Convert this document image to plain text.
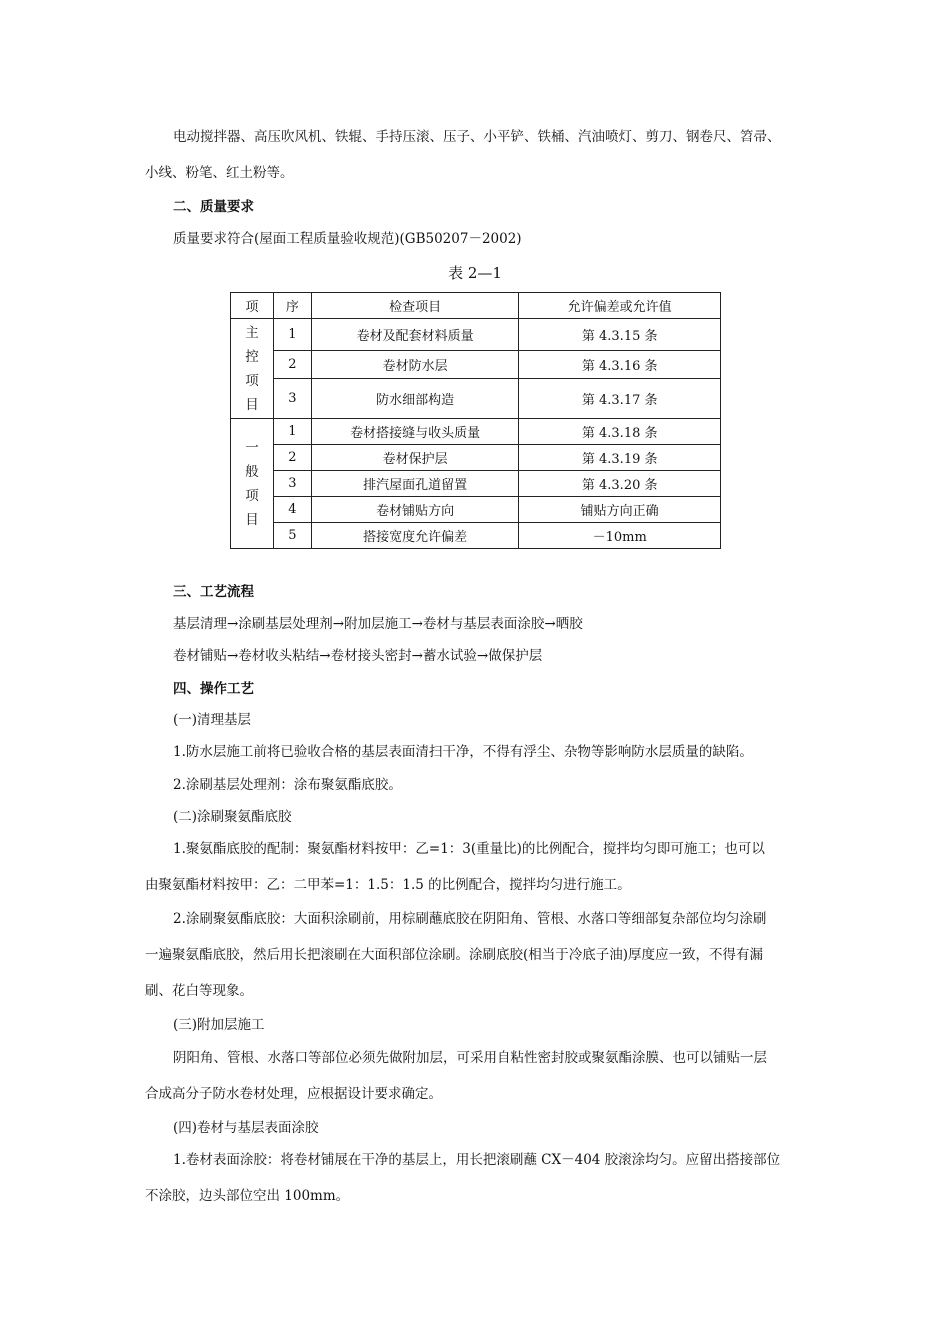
电动搅拌器、高压吹风机、铁辊、手持压滚、压子、小平铲、铁桶、汽油喷灯、剪刀、钢卷尺、笤帚、
小线、粉笔、红土粉等。
二、质量要求
质量要求符合(屋面工程质量验收规范)(GB50207－2002)
表 2—1
项	序	检查项目	允许偏差或允许值

主
控
项
目	1	卷材及配套材料质量	第 4.3.15 条
	2	卷材防水层	第 4.3.16 条
	3	防水细部构造	第 4.3.17 条

一
般
项
目	1	卷材搭接缝与收头质量	第 4.3.18 条
	2	卷材保护层	第 4.3.19 条
	3	排汽屋面孔道留置	第 4.3.20 条
	4	卷材铺贴方向	铺贴方向正确
	5	搭接宽度允许偏差	－10mm
三、工艺流程
基层清理→涂刷基层处理剂→附加层施工→卷材与基层表面涂胶→晒胶
卷材铺贴→卷材收头粘结→卷材接头密封→蓄水试验→做保护层
四、操作工艺
(一)清理基层
1.防水层施工前将已验收合格的基层表面清扫干净，不得有浮尘、杂物等影响防水层质量的缺陷。
2.涂刷基层处理剂：涂布聚氨酯底胶。
(二)涂刷聚氨酯底胶
1.聚氨酯底胶的配制：聚氨酯材料按甲：乙=1：3(重量比)的比例配合，搅拌均匀即可施工；也可以
由聚氨酯材料按甲：乙：二甲苯=1：1.5：1.5 的比例配合，搅拌均匀进行施工。
2.涂刷聚氨酯底胶：大面积涂刷前，用棕刷蘸底胶在阴阳角、管根、水落口等细部复杂部位均匀涂刷
一遍聚氨酯底胶，然后用长把滚刷在大面积部位涂刷。涂刷底胶(相当于冷底子油)厚度应一致，不得有漏
刷、花白等现象。
(三)附加层施工
阴阳角、管根、水落口等部位必须先做附加层，可采用自粘性密封胶或聚氨酯涂膜、也可以铺贴一层
合成高分子防水卷材处理，应根据设计要求确定。
(四)卷材与基层表面涂胶
1.卷材表面涂胶：将卷材铺展在干净的基层上，用长把滚刷蘸 CX－404 胶滚涂均匀。应留出搭接部位
不涂胶，边头部位空出 100mm。
